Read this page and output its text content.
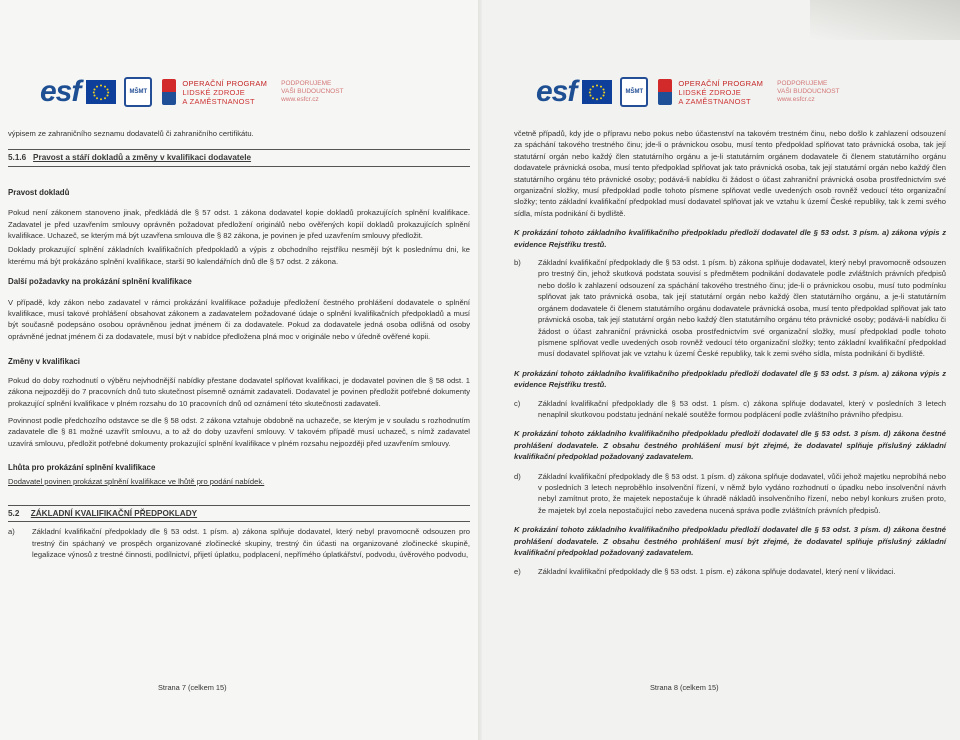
esf	MŠMT
OPERAČNÍ PROGRAM
LIDSKÉ ZDROJE
A ZAMĚSTNANOST
PODPORUJEME
VAŠI BUDOUCNOST
www.esfcr.cz

výpisem ze zahraničního seznamu dodavatelů či zahraničního certifikátu.

5.1.6 Pravost a stáří dokladů a změny v kvalifikaci dodavatele
Pravost dokladů

Pokud není zákonem stanoveno jinak, předkládá dle § 57 odst. 1 zákona dodavatel kopie dokladů prokazujících splnění kvalifikace. Zadavatel je před uzavřením smlouvy oprávněn požadovat předložení originálů nebo ověřených kopií dokladů prokazujících splnění kvalifikace. Uchazeč, se kterým má být uzavřena smlouva dle § 82 zákona, je povinen je před uzavřením smlouvy předložit.

Doklady prokazující splnění základních kvalifikačních předpokladů a výpis z obchodního rejstříku nesmějí být k poslednímu dni, ke kterému má být prokázáno splnění kvalifikace, starší 90 kalendářních dnů dle § 57 odst. 2 zákona.

Další požadavky na prokázání splnění kvalifikace

V případě, kdy zákon nebo zadavatel v rámci prokázání kvalifikace požaduje předložení čestného prohlášení dodavatele o splnění kvalifikace, musí takové prohlášení obsahovat zákonem a zadavatelem požadované údaje o splnění kvalifikačních předpokladů a musí být současně podepsáno osobou oprávněnou jednat jménem či za dodavatele. Pokud za dodavatele jedná osoba odlišná od osoby oprávněné jednat jménem či za dodavatele, musí být v nabídce předložena plná moc v originále nebo v úředně ověřené kopii.

Změny v kvalifikaci

Pokud do doby rozhodnutí o výběru nejvhodnější nabídky přestane dodavatel splňovat kvalifikaci, je dodavatel povinen dle § 58 odst. 1 zákona nejpozději do 7 pracovních dnů tuto skutečnost písemně oznámit zadavateli. Dodavatel je povinen předložit potřebné dokumenty prokazující splnění kvalifikace v plném rozsahu do 10 pracovních dnů od oznámení této skutečnosti zadavateli.

Povinnost podle předchozího odstavce se dle § 58 odst. 2 zákona vztahuje obdobně na uchazeče, se kterým je v souladu s rozhodnutím zadavatele dle § 81 možné uzavřít smlouvu, a to až do doby uzavření smlouvy. V takovém případě musí uchazeč, s nímž zadavatel uzavírá smlouvu, předložit potřebné dokumenty prokazující splnění kvalifikace v plném rozsahu nejpozději před uzavřením smlouvy.

Lhůta pro prokázání splnění kvalifikace

Dodavatel povinen prokázat splnění kvalifikace ve lhůtě pro podání nabídek.

5.2 ZÁKLADNÍ KVALIFIKAČNÍ PŘEDPOKLADY
a)	Základní kvalifikační předpoklady dle § 53 odst. 1 písm. a) zákona splňuje dodavatel, který nebyl pravomocně odsouzen pro trestný čin spáchaný ve prospěch organizované zločinecké skupiny, trestný čin účasti na organizované zločinecké skupině, legalizace výnosů z trestné činnosti, podílnictví, přijetí úplatku, podplacení, nepřímého úplatkářství, podvodu, úvěrového podvodu,
Strana 7 (celkem 15)
esf	MŠMT
OPERAČNÍ PROGRAM
LIDSKÉ ZDROJE
A ZAMĚSTNANOST
PODPORUJEME
VAŠI BUDOUCNOST
www.esfcr.cz

včetně případů, kdy jde o přípravu nebo pokus nebo účastenství na takovém trestném činu, nebo došlo k zahlazení odsouzení za spáchání takového trestného činu; jde-li o právnickou osobu, musí tento předpoklad splňovat tato právnická osoba, tak její statutární orgán nebo každý člen statutárního orgánu a je-li statutárním orgánem dodavatele či členem statutárního orgánu dodavatele právnická osoba, musí tento předpoklad splňovat jak tato právnická osoba, tak její statutární orgán nebo každý člen statutárního orgánu této právnické osoby; podává-li nabídku či žádost o účast zahraniční právnická osoba prostřednictvím své organizační složky, musí předpoklad podle tohoto písmene splňovat vedle uvedených osob rovněž vedoucí této organizační složky; tento základní kvalifikační předpoklad musí dodavatel splňovat jak ve vztahu k území České republiky, tak k zemi svého sídla, místa podnikání či bydliště.

K prokázání tohoto základního kvalifikačního předpokladu předloží dodavatel dle § 53 odst. 3 písm. a) zákona výpis z evidence Rejstříku trestů.

b)	Základní kvalifikační předpoklady dle § 53 odst. 1 písm. b) zákona splňuje dodavatel, který nebyl pravomocně odsouzen pro trestný čin, jehož skutková podstata souvisí s předmětem podnikání dodavatele podle zvláštních právních předpisů nebo došlo k zahlazení odsouzení za spáchání takového trestného činu; jde-li o právnickou osobu, musí tuto podmínku splňovat jak tato právnická osoba, tak její statutární orgán nebo každý člen statutárního orgánu, a je-li statutárním orgánem dodavatele či členem statutárního orgánu dodavatele právnická osoba, musí tento předpoklad splňovat jak tato právnická osoba, tak její statutární orgán nebo každý člen statutárního orgánu této právnické osoby; podává-li nabídku či žádost o účast zahraniční právnická osoba prostřednictvím své organizační složky, musí předpoklad podle tohoto písmene splňovat vedle uvedených osob rovněž vedoucí této organizační složky; tento základní kvalifikační předpoklad musí dodavatel splňovat jak ve vztahu k území České republiky, tak k zemi svého sídla, místa podnikání či bydliště.

K prokázání tohoto základního kvalifikačního předpokladu předloží dodavatel dle § 53 odst. 3 písm. a) zákona výpis z evidence Rejstříku trestů.

c)	Základní kvalifikační předpoklady dle § 53 odst. 1 písm. c) zákona splňuje dodavatel, který v posledních 3 letech nenaplnil skutkovou podstatu jednání nekalé soutěže formou podplácení podle zvláštního právního předpisu.

K prokázání tohoto základního kvalifikačního předpokladu předloží dodavatel dle § 53 odst. 3 písm. d) zákona čestné prohlášení dodavatele. Z obsahu čestného prohlášení musí být zřejmé, že dodavatel splňuje příslušný základní kvalifikační předpoklad požadovaný zadavatelem.

d)	Základní kvalifikační předpoklady dle § 53 odst. 1 písm. d) zákona splňuje dodavatel, vůči jehož majetku neprobíhá nebo v posledních 3 letech neproběhlo insolvenční řízení, v němž bylo vydáno rozhodnutí o úpadku nebo insolvenční návrh nebyl zamítnut proto, že majetek nepostačuje k úhradě nákladů insolvenčního řízení, nebo nebyl konkurs zrušen proto, že majetek byl zcela nepostačující nebo zavedena nucená správa podle zvláštních právních předpisů.

K prokázání tohoto základního kvalifikačního předpokladu předloží dodavatel dle § 53 odst. 3 písm. d) zákona čestné prohlášení dodavatele. Z obsahu čestného prohlášení musí být zřejmé, že dodavatel splňuje příslušný základní kvalifikační předpoklad požadovaný zadavatelem.

e)	Základní kvalifikační předpoklady dle § 53 odst. 1 písm. e) zákona splňuje dodavatel, který není v likvidaci.
Strana 8 (celkem 15)
